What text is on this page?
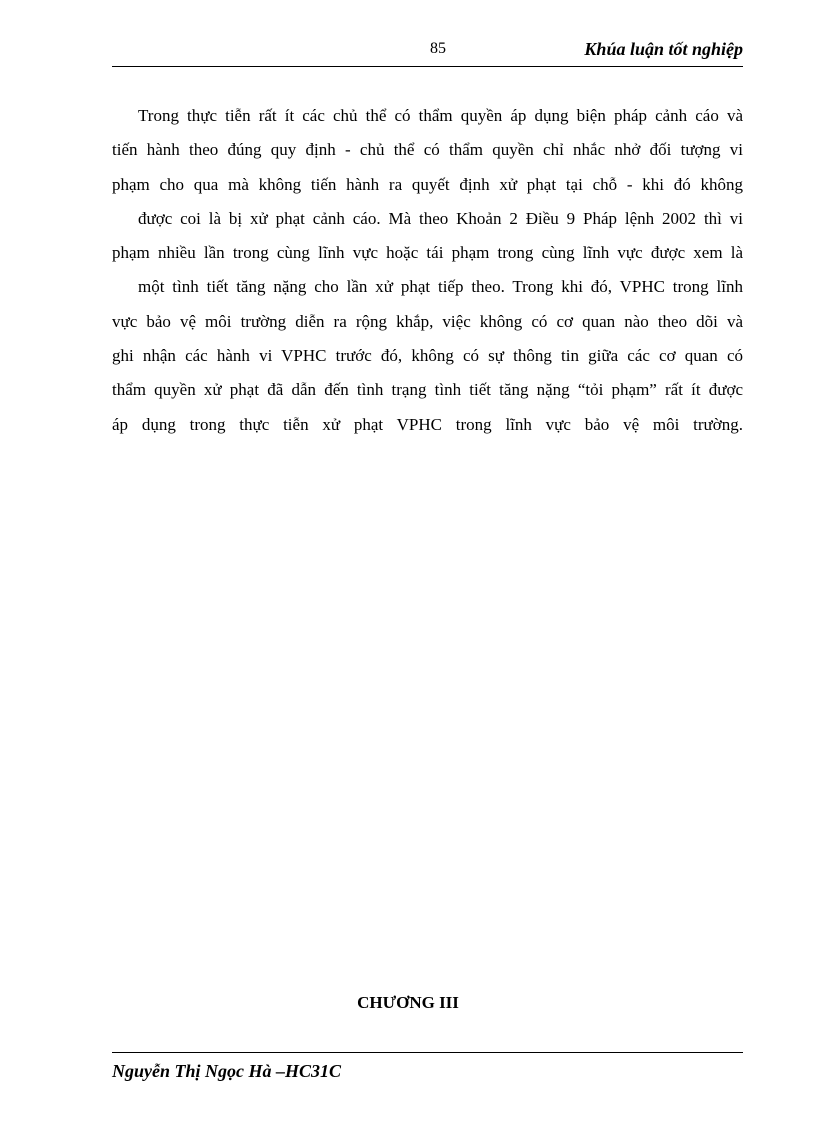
85	Khúa luận tốt nghiệp
Trong thực tiễn rất ít các chủ thể có thẩm quyền áp dụng biện pháp cảnh cáo và
tiến hành theo đúng quy định - chủ thể có thẩm quyền chỉ nhắc nhở đối tượng vi
phạm cho qua mà không tiến hành ra quyết định xử phạt tại chỗ - khi đó không
được coi là bị xử phạt cảnh cáo. Mà theo Khoản 2 Điều 9 Pháp lệnh 2002 thì vi
phạm nhiều lần trong cùng lĩnh vực hoặc tái phạm trong cùng lĩnh vực được xem là
một tình tiết tăng nặng cho lần xử phạt tiếp theo. Trong khi đó, VPHC trong lĩnh
vực bảo vệ môi trường diễn ra rộng khắp, việc không có cơ quan nào theo dõi và
ghi nhận các hành vi VPHC trước đó, không có sự thông tin giữa các cơ quan có
thẩm quyền xử phạt đã dẫn đến tình trạng tình tiết tăng nặng “tỏi phạm” rất ít được
áp dụng trong thực tiễn xử phạt VPHC trong lĩnh vực bảo vệ môi trường.
CHƯƠNG III
Nguyễn Thị Ngọc Hà –HC31C
